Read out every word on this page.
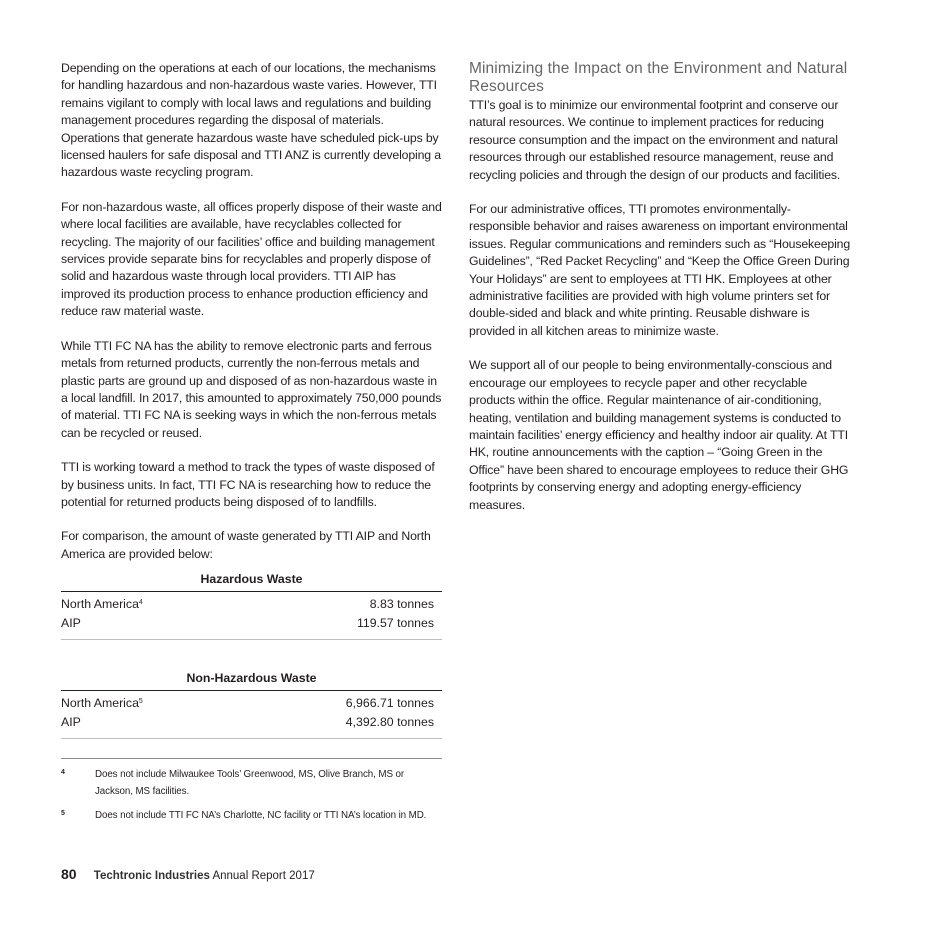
Depending on the operations at each of our locations, the mechanisms for handling hazardous and non-hazardous waste varies. However, TTI remains vigilant to comply with local laws and regulations and building management procedures regarding the disposal of materials. Operations that generate hazardous waste have scheduled pick-ups by licensed haulers for safe disposal and TTI ANZ is currently developing a hazardous waste recycling program.

For non-hazardous waste, all offices properly dispose of their waste and where local facilities are available, have recyclables collected for recycling. The majority of our facilities’ office and building management services provide separate bins for recyclables and properly dispose of solid and hazardous waste through local providers. TTI AIP has improved its production process to enhance production efficiency and reduce raw material waste.

While TTI FC NA has the ability to remove electronic parts and ferrous metals from returned products, currently the non-ferrous metals and plastic parts are ground up and disposed of as non-hazardous waste in a local landfill. In 2017, this amounted to approximately 750,000 pounds of material. TTI FC NA is seeking ways in which the non-ferrous metals can be recycled or reused.

TTI is working toward a method to track the types of waste disposed of by business units. In fact, TTI FC NA is researching how to reduce the potential for returned products being disposed of to landfills.

For comparison, the amount of waste generated by TTI AIP and North America are provided below:

Hazardous Waste
North America$^4$	8.83 tonnes
AIP	119.57 tonnes
Non-Hazardous Waste
North America$^5$	6,966.71 tonnes
AIP	4,392.80 tonnes
4	Does not include Milwaukee Tools’ Greenwood, MS, Olive Branch, MS or Jackson, MS facilities.
5	Does not include TTI FC NA’s Charlotte, NC facility or TTI NA’s location in MD.
Minimizing the Impact on the Environment and Natural Resources

TTI’s goal is to minimize our environmental footprint and conserve our natural resources. We continue to implement practices for reducing resource consumption and the impact on the environment and natural resources through our established resource management, reuse and recycling policies and through the design of our products and facilities.

For our administrative offices, TTI promotes environmentally-responsible behavior and raises awareness on important environmental issues. Regular communications and reminders such as “Housekeeping Guidelines”, “Red Packet Recycling” and “Keep the Office Green During Your Holidays” are sent to employees at TTI HK. Employees at other administrative facilities are provided with high volume printers set for double-sided and black and white printing. Reusable dishware is provided in all kitchen areas to minimize waste.

We support all of our people to being environmentally-conscious and encourage our employees to recycle paper and other recyclable products within the office. Regular maintenance of air-conditioning, heating, ventilation and building management systems is conducted to maintain facilities’ energy efficiency and healthy indoor air quality. At TTI HK, routine announcements with the caption – “Going Green in the Office” have been shared to encourage employees to reduce their GHG footprints by conserving energy and adopting energy-efficiency measures.

80 Techtronic Industries Annual Report 2017
